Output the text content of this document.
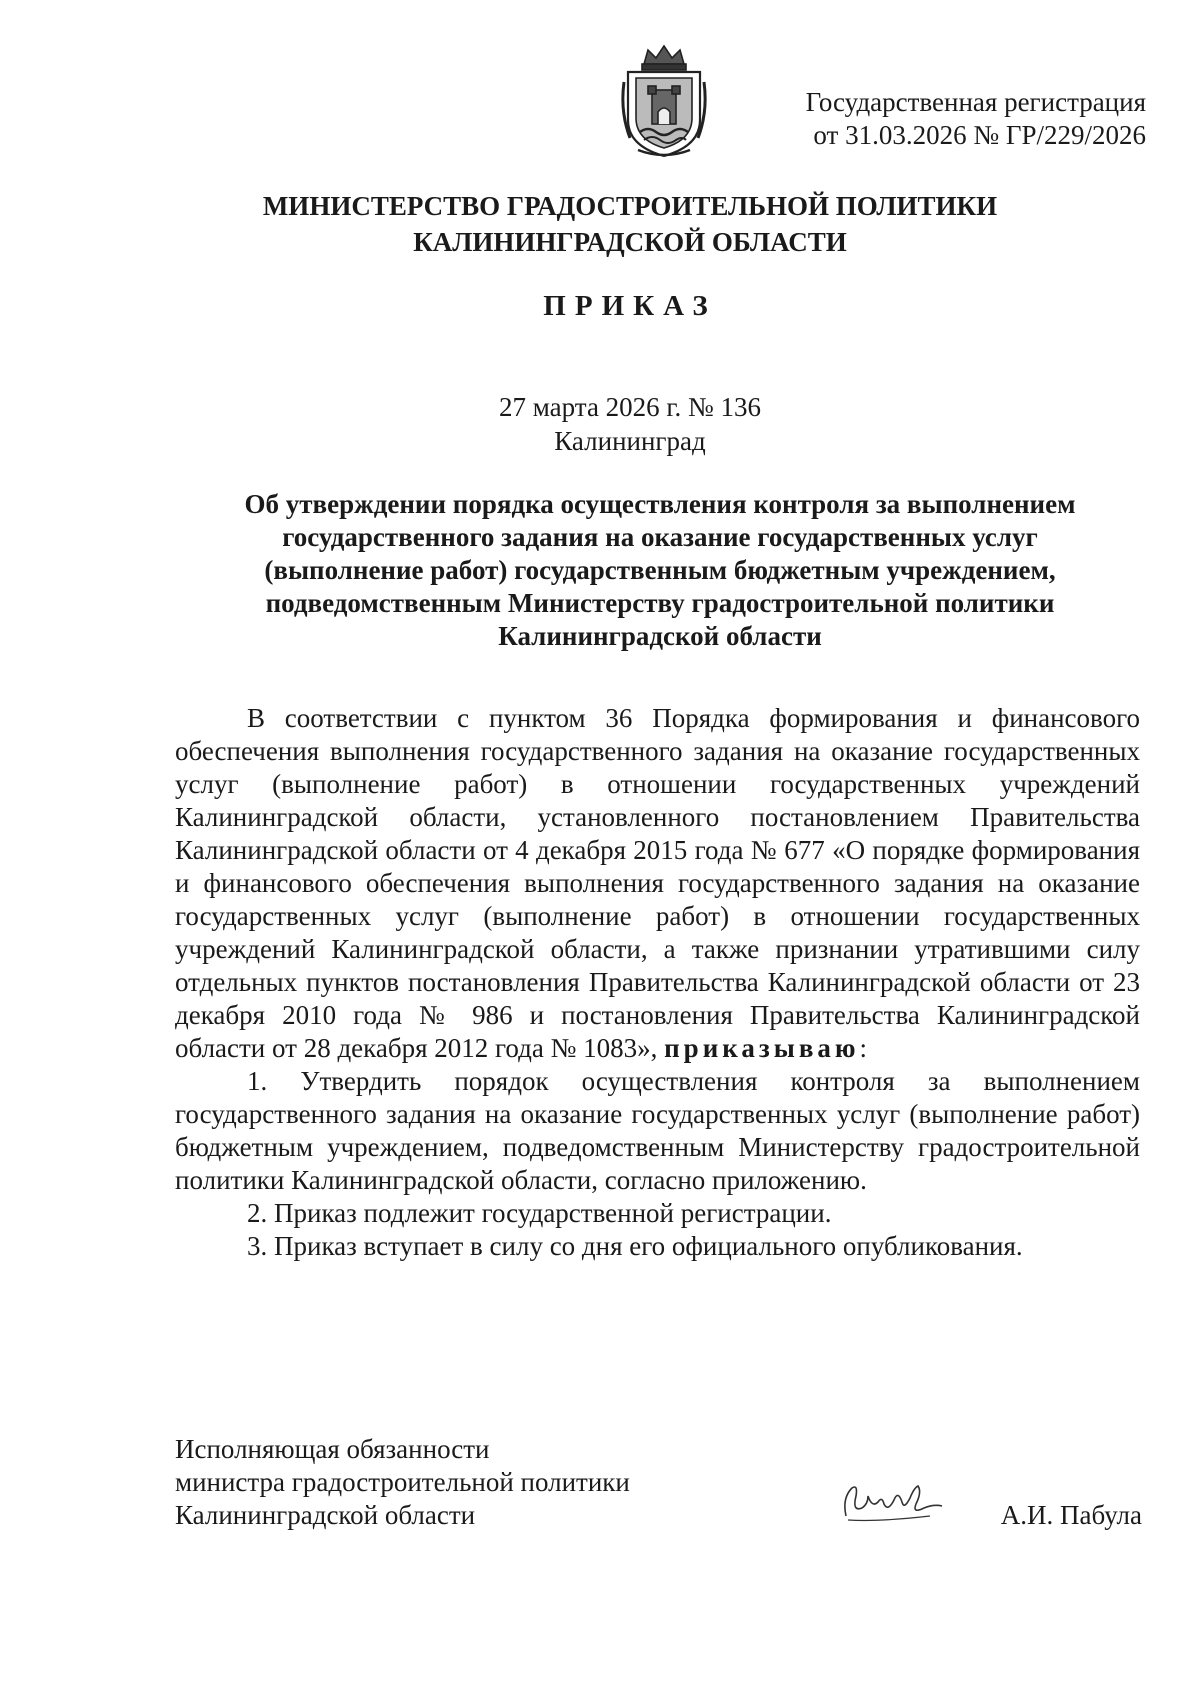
Государственная регистрация
от 31.03.2026 № ГР/229/2026
МИНИСТЕРСТВО ГРАДОСТРОИТЕЛЬНОЙ ПОЛИТИКИ
КАЛИНИНГРАДСКОЙ ОБЛАСТИ
ПРИКАЗ
27 марта 2026 г. № 136
Калининград
Об утверждении порядка осуществления контроля за выполнением государственного задания на оказание государственных услуг (выполнение работ) государственным бюджетным учреждением, подведомственным Министерству градостроительной политики Калининградской области

В соответствии с пунктом 36 Порядка формирования и финансового обеспечения выполнения государственного задания на оказание государственных услуг (выполнение работ) в отношении государственных учреждений Калининградской области, установленного постановлением Правительства Калининградской области от 4 декабря 2015 года № 677 «О порядке формирования и финансового обеспечения выполнения государственного задания на оказание государственных услуг (выполнение работ) в отношении государственных учреждений Калининградской области, а также признании утратившими силу отдельных пунктов постановления Правительства Калининградской области от 23 декабря 2010 года № 986 и постановления Правительства Калининградской области от 28 декабря 2012 года № 1083», приказываю:

1. Утвердить порядок осуществления контроля за выполнением государственного задания на оказание государственных услуг (выполнение работ) бюджетным учреждением, подведомственным Министерству градостроительной политики Калининградской области, согласно приложению.

2. Приказ подлежит государственной регистрации.

3. Приказ вступает в силу со дня его официального опубликования.

Исполняющая обязанности
министра градостроительной политики
Калининградской области	А.И. Пабула
